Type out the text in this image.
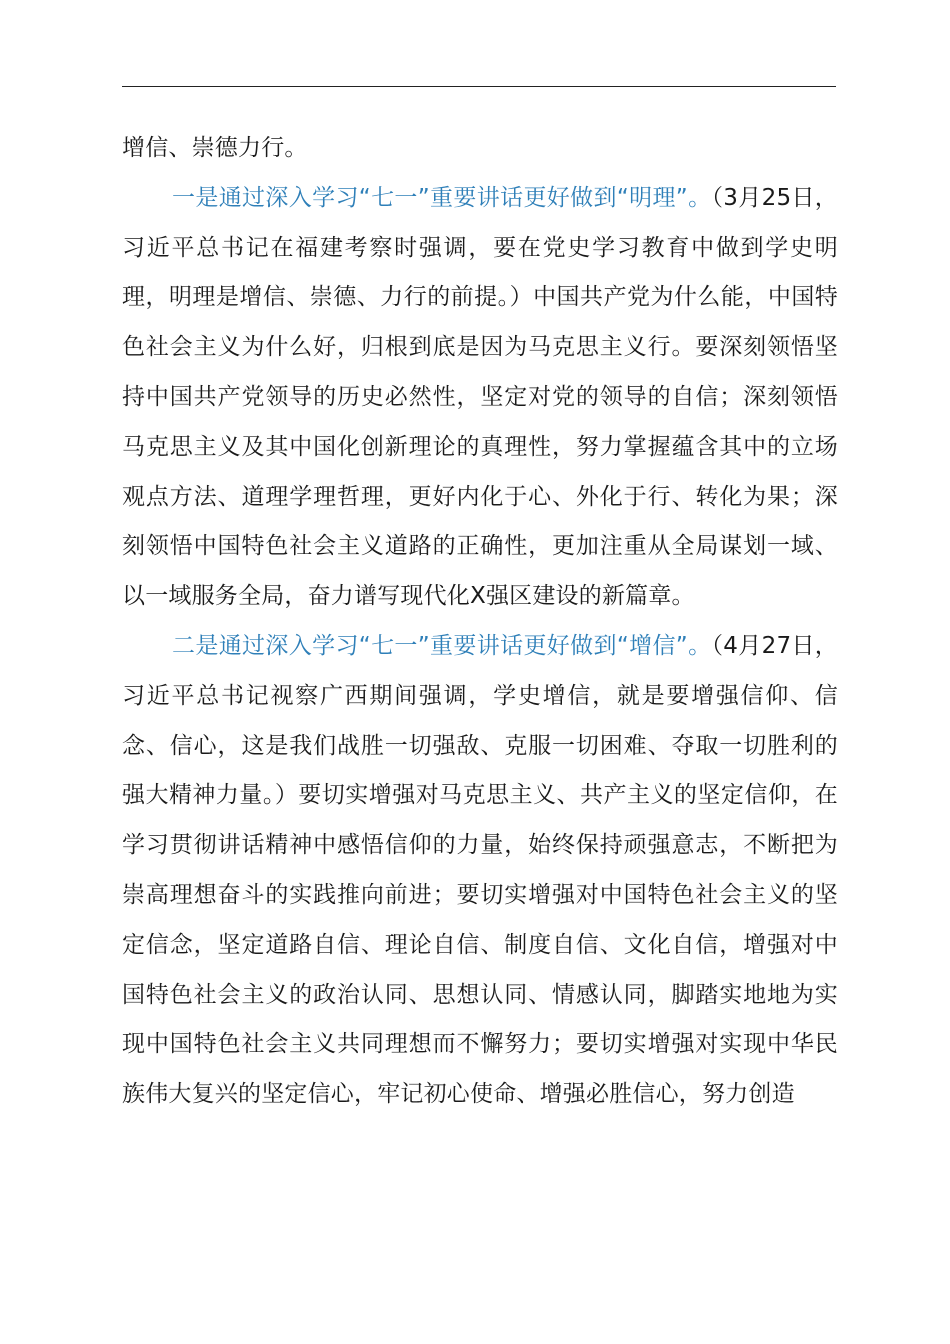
增信、崇德力行。

一是通过深入学习“七一”重要讲话更好做到“明理”。（3月25日，习近平总书记在福建考察时强调，要在党史学习教育中做到学史明理，明理是增信、崇德、力行的前提。）中国共产党为什么能，中国特色社会主义为什么好，归根到底是因为马克思主义行。要深刻领悟坚持中国共产党领导的历史必然性，坚定对党的领导的自信；深刻领悟马克思主义及其中国化创新理论的真理性，努力掌握蕴含其中的立场观点方法、道理学理哲理，更好内化于心、外化于行、转化为果；深刻领悟中国特色社会主义道路的正确性，更加注重从全局谋划一域、以一域服务全局，奋力谱写现代化X强区建设的新篇章。

二是通过深入学习“七一”重要讲话更好做到“增信”。（4月27日，习近平总书记视察广西期间强调，学史增信，就是要增强信仰、信念、信心，这是我们战胜一切强敌、克服一切困难、夺取一切胜利的强大精神力量。）要切实增强对马克思主义、共产主义的坚定信仰，在学习贯彻讲话精神中感悟信仰的力量，始终保持顽强意志，不断把为崇高理想奋斗的实践推向前进；要切实增强对中国特色社会主义的坚定信念，坚定道路自信、理论自信、制度自信、文化自信，增强对中国特色社会主义的政治认同、思想认同、情感认同，脚踏实地地为实现中国特色社会主义共同理想而不懈努力；要切实增强对实现中华民族伟大复兴的坚定信心，牢记初心使命、增强必胜信心，努力创造
